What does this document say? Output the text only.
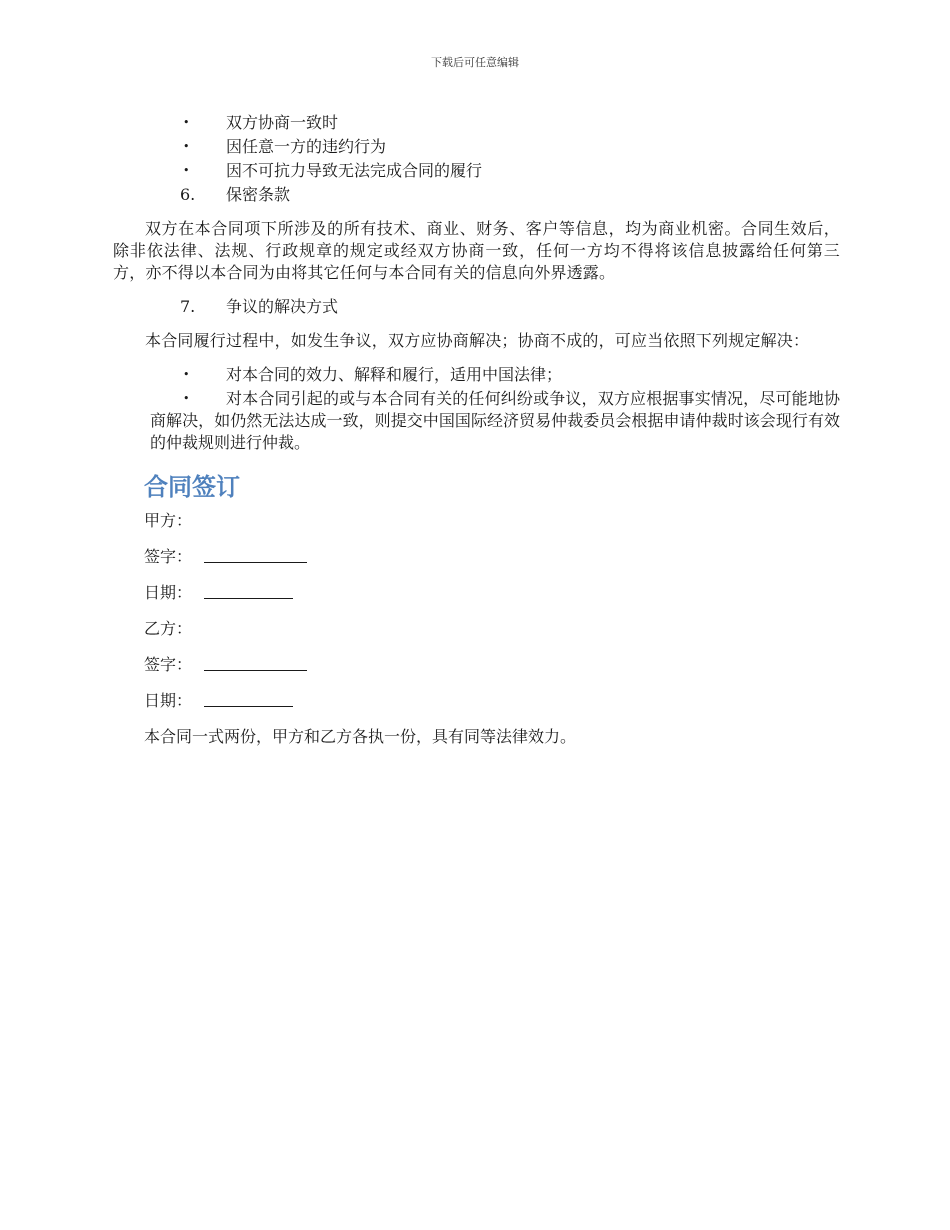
下载后可任意编辑
•	双方协商一致时
•	因任意一方的违约行为
•	因不可抗力导致无法完成合同的履行
6. 保密条款

双方在本合同项下所涉及的所有技术、商业、财务、客户等信息，均为商业机密。合同生效后，除非依法律、法规、行政规章的规定或经双方协商一致，任何一方均不得将该信息披露给任何第三方，亦不得以本合同为由将其它任何与本合同有关的信息向外界透露。

7. 争议的解决方式

本合同履行过程中，如发生争议，双方应协商解决；协商不成的，可应当依照下列规定解决：

•	对本合同的效力、解释和履行，适用中国法律；
•	对本合同引起的或与本合同有关的任何纠纷或争议，双方应根据事实情况，尽可能地协商解决，如仍然无法达成一致，则提交中国国际经济贸易仲裁委员会根据申请仲裁时该会现行有效的仲裁规则进行仲裁。
合同签订
甲方：
签字：
日期：
乙方：
签字：
日期：
本合同一式两份，甲方和乙方各执一份，具有同等法律效力。
